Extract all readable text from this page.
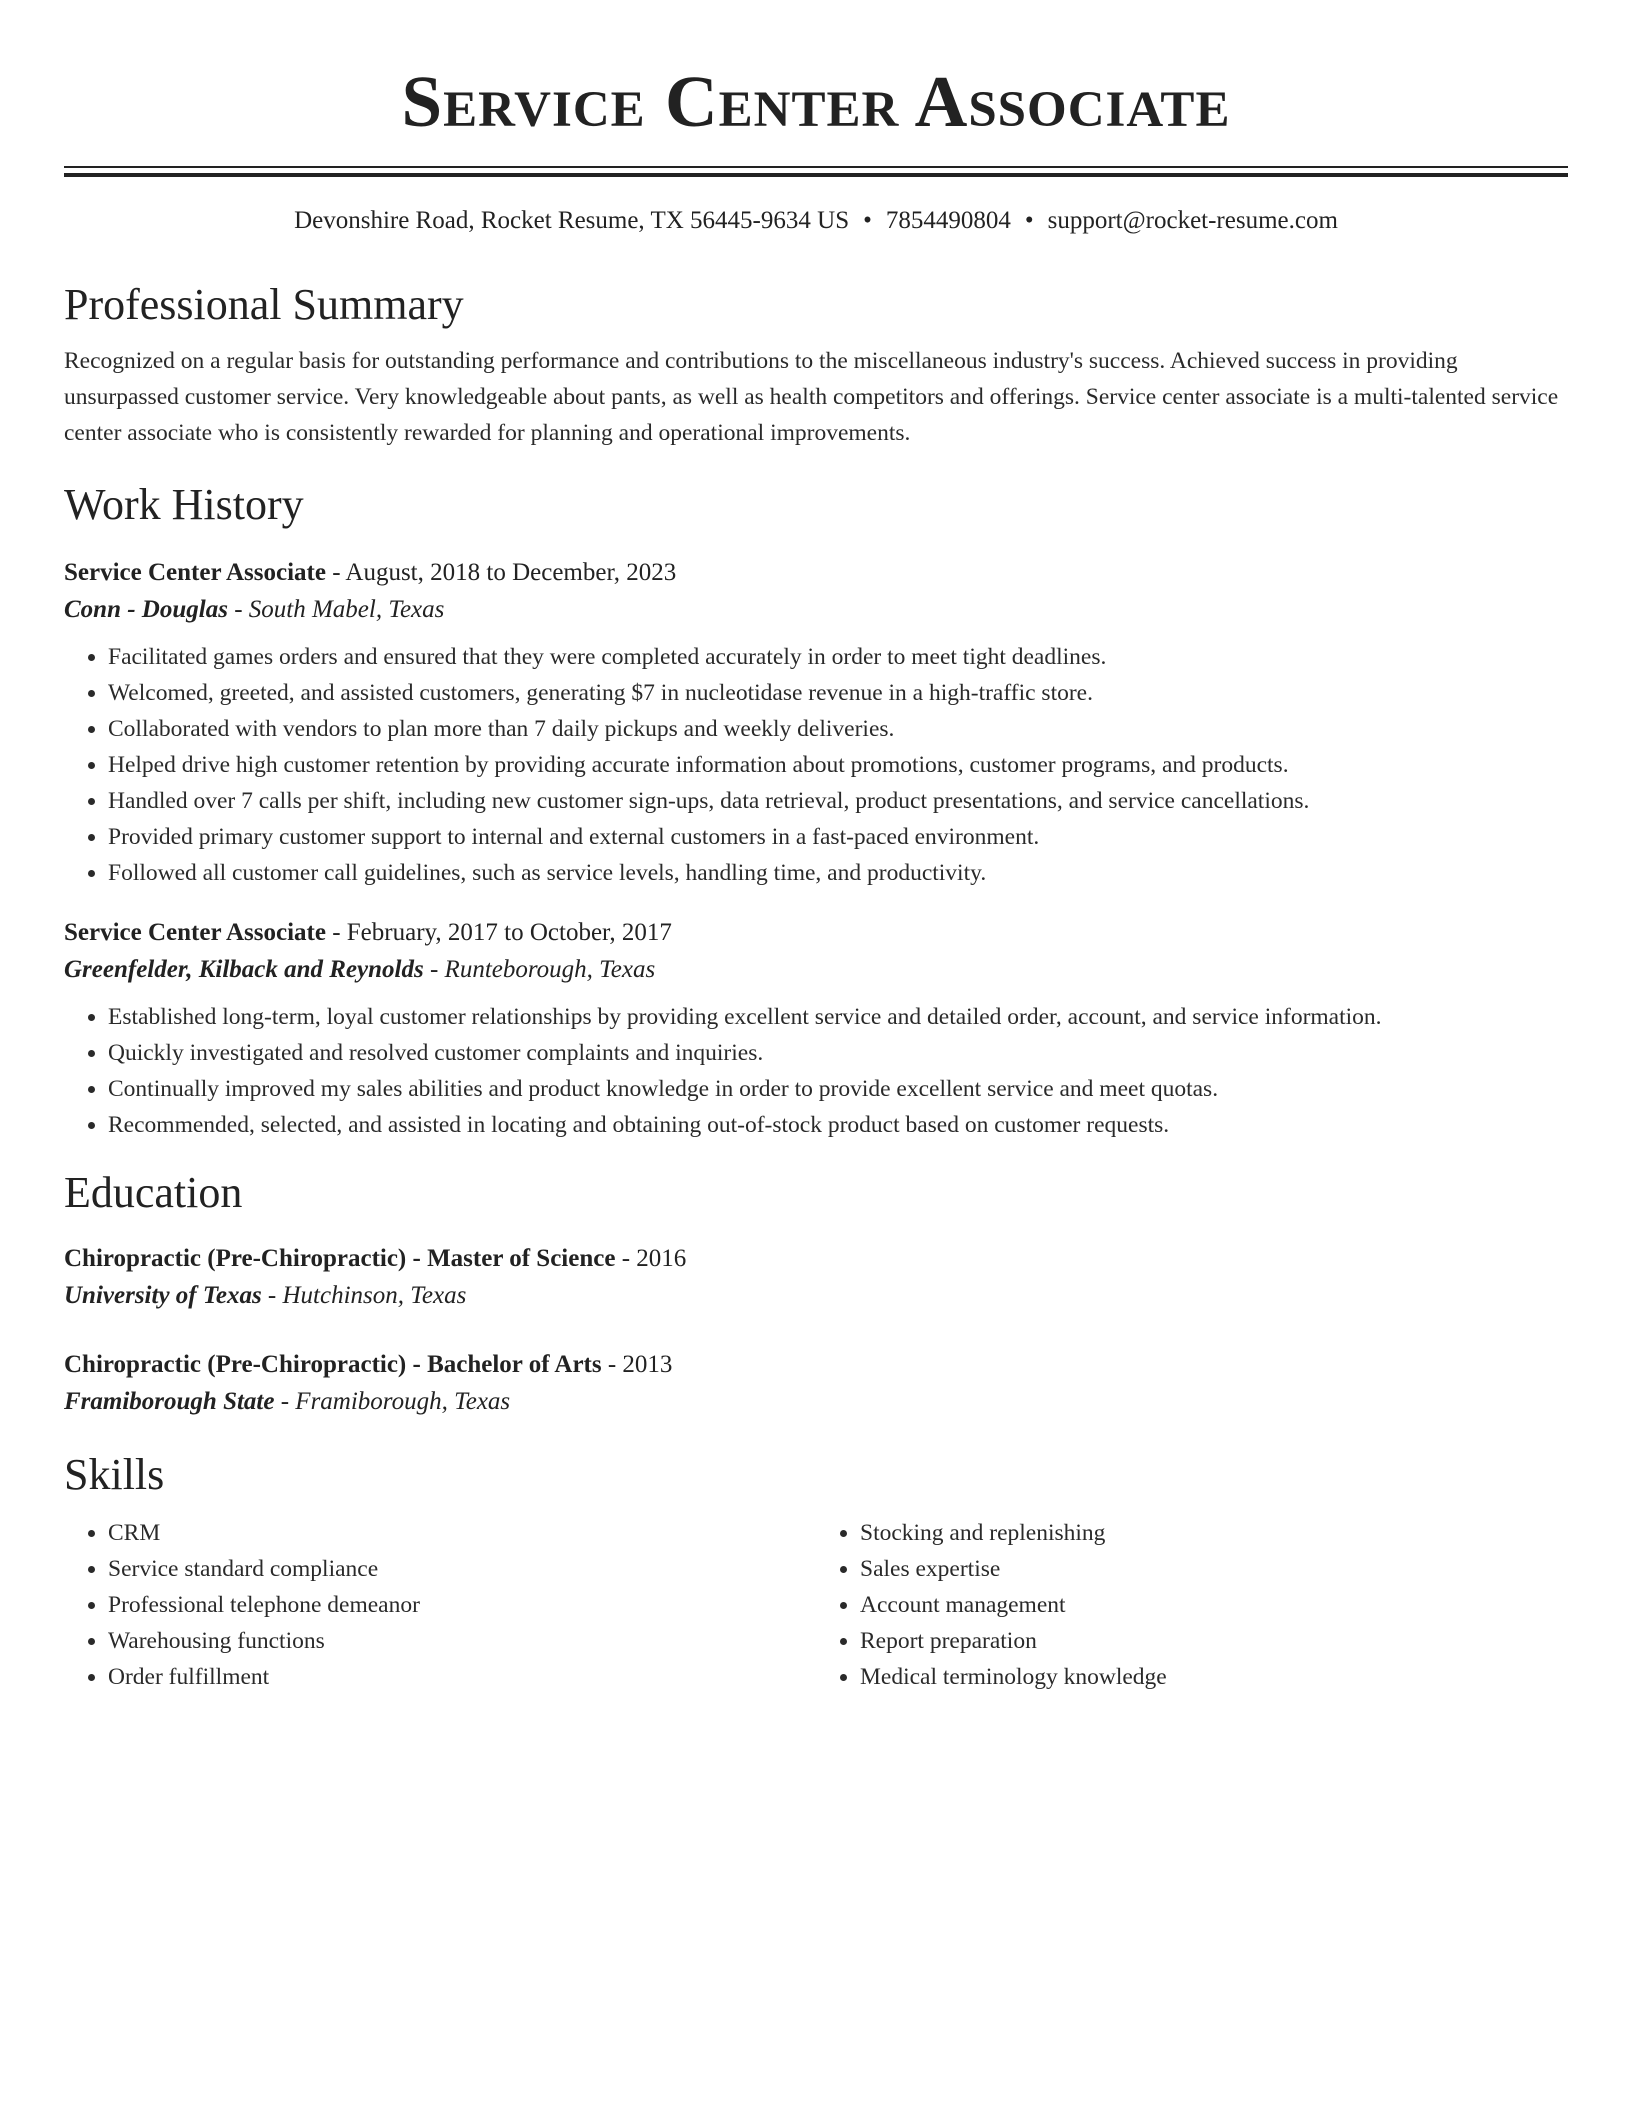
Service Center Associate
Devonshire Road, Rocket Resume, TX 56445-9634 US • 7854490804 • support@rocket-resume.com
Professional Summary

Recognized on a regular basis for outstanding performance and contributions to the miscellaneous industry's success. Achieved success in providing unsurpassed customer service. Very knowledgeable about pants, as well as health competitors and offerings. Service center associate is a multi-talented service center associate who is consistently rewarded for planning and operational improvements.

Work History
Service Center Associate - August, 2018 to December, 2023
Conn - Douglas - South Mabel, Texas
• Facilitated games orders and ensured that they were completed accurately in order to meet tight deadlines.
• Welcomed, greeted, and assisted customers, generating $7 in nucleotidase revenue in a high-traffic store.
• Collaborated with vendors to plan more than 7 daily pickups and weekly deliveries.
• Helped drive high customer retention by providing accurate information about promotions, customer programs, and products.
• Handled over 7 calls per shift, including new customer sign-ups, data retrieval, product presentations, and service cancellations.
• Provided primary customer support to internal and external customers in a fast-paced environment.
• Followed all customer call guidelines, such as service levels, handling time, and productivity.
Service Center Associate - February, 2017 to October, 2017
Greenfelder, Kilback and Reynolds - Runteborough, Texas
• Established long-term, loyal customer relationships by providing excellent service and detailed order, account, and service information.
• Quickly investigated and resolved customer complaints and inquiries.
• Continually improved my sales abilities and product knowledge in order to provide excellent service and meet quotas.
• Recommended, selected, and assisted in locating and obtaining out-of-stock product based on customer requests.
Education
Chiropractic (Pre-Chiropractic) - Master of Science - 2016
University of Texas - Hutchinson, Texas
Chiropractic (Pre-Chiropractic) - Bachelor of Arts - 2013
Framiborough State - Framiborough, Texas
Skills
• CRM
• Service standard compliance
• Professional telephone demeanor
• Warehousing functions
• Order fulfillment
• Stocking and replenishing
• Sales expertise
• Account management
• Report preparation
• Medical terminology knowledge
